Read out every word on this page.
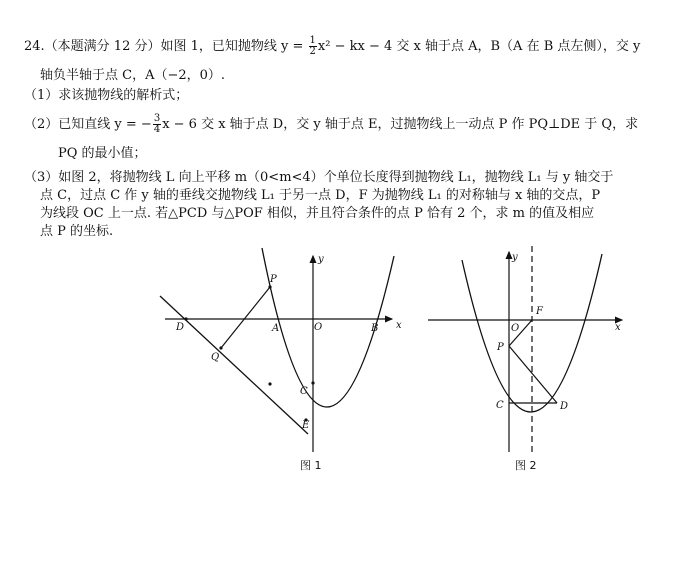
24.（本题满分 12 分）如图 1，已知抛物线 $y = \frac{1}{2} x^2$ − kx − 4 交 x 轴于点 A，B（A 在 B 点左侧），交 y
轴负半轴于点 C，A（−2，0）.
（1）求该抛物线的解析式；
（2）已知直线 y = − $\frac{3}{4}$ x − 6 交 x 轴于点 D，交 y 轴于点 E，过抛物线上一动点 P 作 PQ⊥DE 于 Q，求
PQ 的最小值；
（3）如图 2，将抛物线 L 向上平移 m（0<m<4）个单位长度得到抛物线 L₁，抛物线 L₁ 与 y 轴交于
点 C，过点 C 作 y 轴的垂线交抛物线 L₁ 于另一点 D，F 为抛物线 L₁ 的对称轴与 x 轴的交点，P
为线段 OC 上一点. 若△PCD 与△POF 相似，并且符合条件的点 P 恰有 2 个，求 m 的值及相应
点 P 的坐标.
y
x
D	A	O	B
P
Q
C
E
图 1
y
x
O
F
P
C	D
图 2
